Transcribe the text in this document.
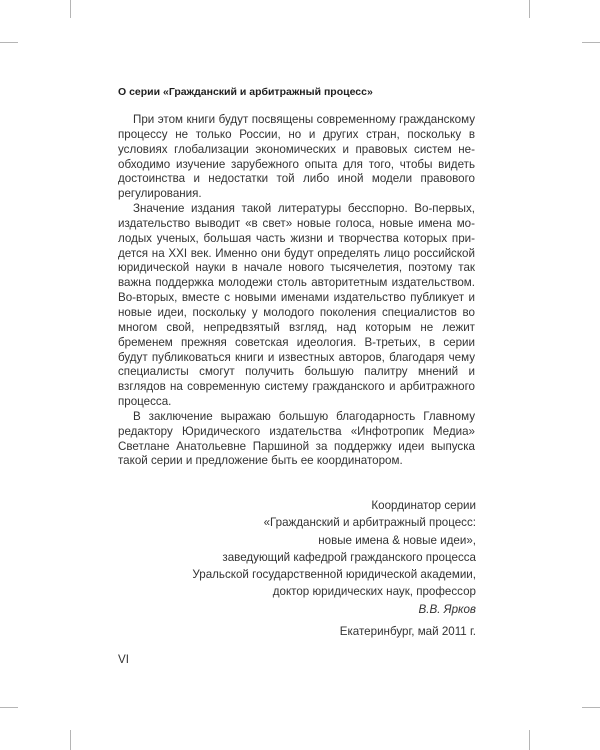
О серии «Гражданский и арбитражный процесс»

При этом книги будут посвящены современному гражданскому процессу не только России, но и других стран, поскольку в условиях глобализации экономических и правовых систем необходимо изучение зарубежного опыта для того, чтобы видеть достоинства и недостатки той либо иной модели правового регулирования.

Значение издания такой литературы бесспорно. Во-первых, издательство выводит «в свет» новые голоса, новые имена молодых ученых, большая часть жизни и творчества которых придется на XXI век. Именно они будут определять лицо российской юридической науки в начале нового тысячелетия, поэтому так важна поддержка молодежи столь авторитетным издательством. Во-вторых, вместе с новыми именами издательство публикует и новые идеи, поскольку у молодого поколения специалистов во многом свой, непредвзятый взгляд, над которым не лежит бременем прежняя советская идеология. В-третьих, в серии будут публиковаться книги и известных авторов, благодаря чему специалисты смогут получить большую палитру мнений и взглядов на современную систему гражданского и арбитражного процесса.

В заключение выражаю большую благодарность Главному редактору Юридического издательства «Инфотропик Медиа» Светлане Анатольевне Паршиной за поддержку идеи выпуска такой серии и предложение быть ее координатором.

Координатор серии
«Гражданский и арбитражный процесс:
новые имена & новые идеи»,
заведующий кафедрой гражданского процесса
Уральской государственной юридической академии,
доктор юридических наук, профессор
В.В. Ярков
Екатеринбург, май 2011 г.
VI
